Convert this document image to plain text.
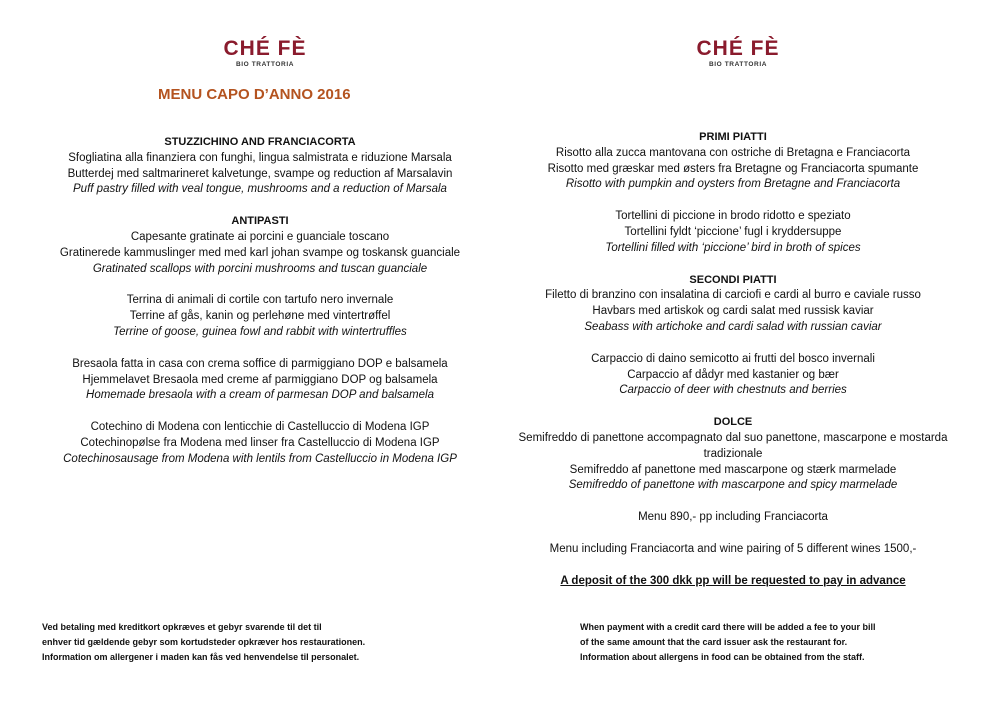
CHÉ FÈ
BIO TRATTORIA
MENU CAPO D’ANNO 2016
STUZZICHINO AND FRANCIACORTA
Sfogliatina alla finanziera con funghi, lingua salmistrata e riduzione Marsala
Butterdej med saltmarineret kalvetunge, svampe og reduction af Marsalavin
Puff pastry filled with veal tongue, mushrooms and a reduction of Marsala
ANTIPASTI
Capesante gratinate ai porcini e guanciale toscano
Gratinerede kammuslinger med med karl johan svampe og toskansk guanciale
Gratinated scallops with porcini mushrooms and tuscan guanciale
Terrina di animali di cortile con tartufo nero invernale
Terrine af gås, kanin og perlehøne med vintertrøffel
Terrine of goose, guinea fowl and rabbit with wintertruffles
Bresaola fatta in casa con crema soffice di parmiggiano DOP e balsamela
Hjemmelavet Bresaola med creme af parmiggiano DOP og balsamela
Homemade bresaola with a cream of parmesan DOP and balsamela
Cotechino di Modena con lenticchie di Castelluccio di Modena IGP
Cotechinopølse fra Modena med linser fra Castelluccio di Modena IGP
Cotechinosausage from Modena with lentils from Castelluccio in Modena IGP
Ved betaling med kreditkort opkræves et gebyr svarende til det til
enhver tid gældende gebyr som kortudsteder opkræver hos restaurationen.
Information om allergener i maden kan fås ved henvendelse til personalet.
CHÉ FÈ
BIO TRATTORIA
PRIMI PIATTI
Risotto alla zucca mantovana con ostriche di Bretagna e Franciacorta
Risotto med græskar med østers fra Bretagne og Franciacorta spumante
Risotto with pumpkin and oysters from Bretagne and Franciacorta
Tortellini di piccione in brodo ridotto e speziato
Tortellini fyldt ‘piccione’ fugl i kryddersuppe
Tortellini filled with ‘piccione’ bird in broth of spices
SECONDI PIATTI
Filetto di branzino con insalatina di carciofi e cardi al burro e caviale russo
Havbars med artiskok og cardi salat med russisk kaviar
Seabass with artichoke and cardi salad with russian caviar
Carpaccio di daino semicotto ai frutti del bosco invernali
Carpaccio af dådyr med kastanier og bær
Carpaccio of deer with chestnuts and berries
DOLCE
Semifreddo di panettone accompagnato dal suo panettone, mascarpone e mostarda tradizionale
Semifreddo af panettone med mascarpone og stærk marmelade
Semifreddo of panettone with mascarpone and spicy marmelade
Menu 890,- pp including Franciacorta
Menu including Franciacorta and wine pairing of 5 different wines 1500,-
A deposit of the 300 dkk pp will be requested to pay in advance
When payment with a credit card there will be added a fee to your bill
of the same amount that the card issuer ask the restaurant for.
Information about allergens in food can be obtained from the staff.
